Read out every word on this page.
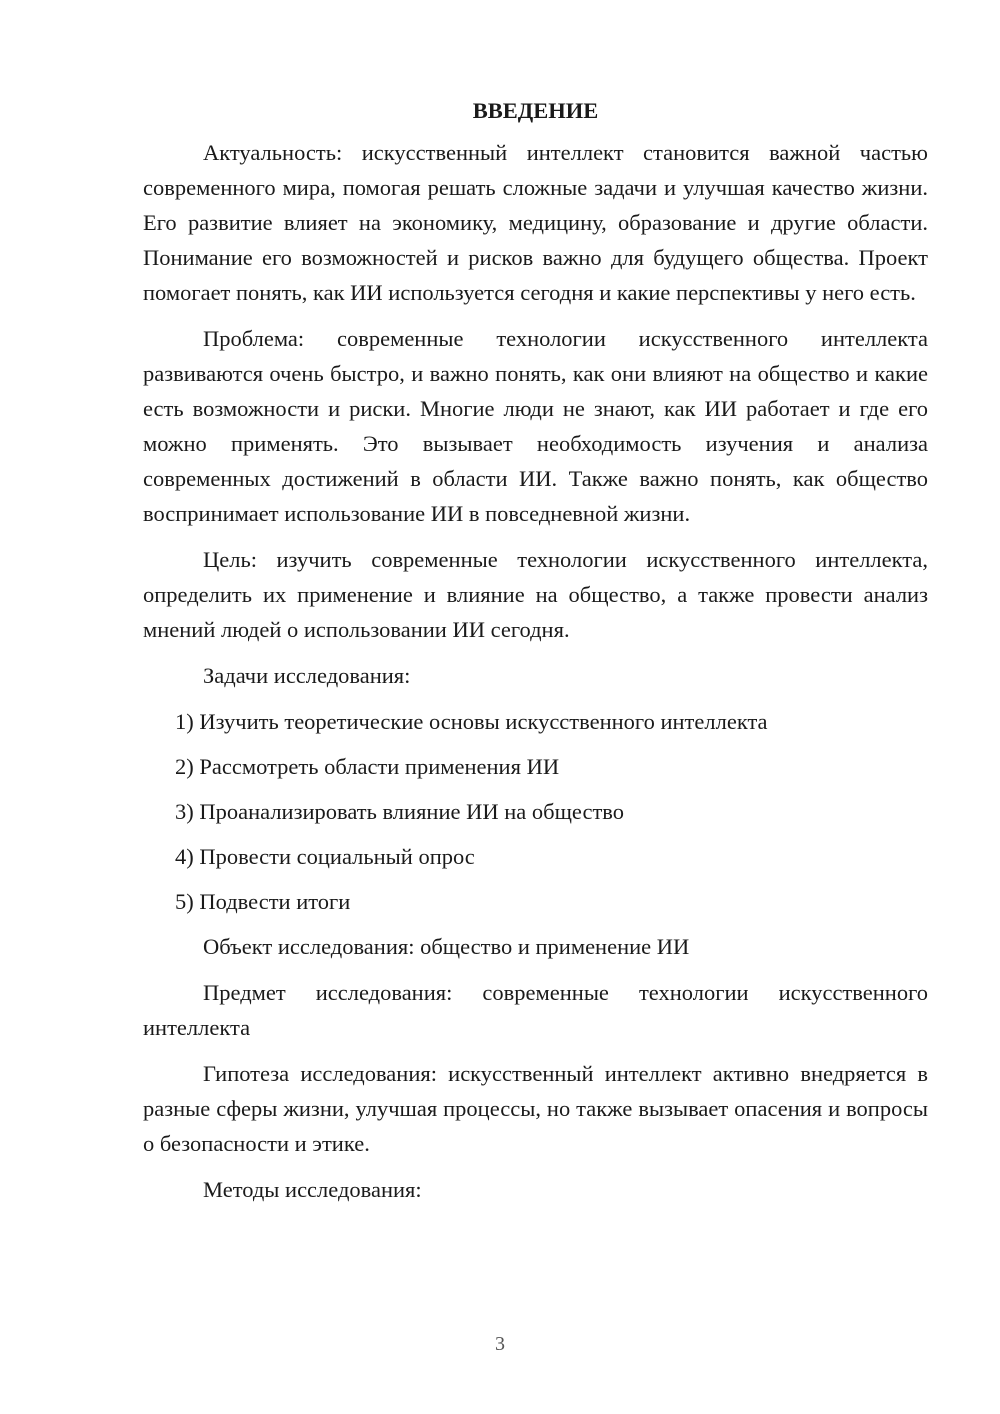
ВВЕДЕНИЕ

Актуальность: искусственный интеллект становится важной частью современного мира, помогая решать сложные задачи и улучшая качество жизни. Его развитие влияет на экономику, медицину, образование и другие области. Понимание его возможностей и рисков важно для будущего общества. Проект помогает понять, как ИИ используется сегодня и какие перспективы у него есть.

Проблема: современные технологии искусственного интеллекта развиваются очень быстро, и важно понять, как они влияют на общество и какие есть возможности и риски. Многие люди не знают, как ИИ работает и где его можно применять. Это вызывает необходимость изучения и анализа современных достижений в области ИИ. Также важно понять, как общество воспринимает использование ИИ в повседневной жизни.

Цель: изучить современные технологии искусственного интеллекта, определить их применение и влияние на общество, а также провести анализ мнений людей о использовании ИИ сегодня.

Задачи исследования:

1) Изучить теоретические основы искусственного интеллекта

2) Рассмотреть области применения ИИ

3) Проанализировать влияние ИИ на общество

4) Провести социальный опрос

5) Подвести итоги

Объект исследования: общество и применение ИИ

Предмет исследования: современные технологии искусственного интеллекта

Гипотеза исследования: искусственный интеллект активно внедряется в разные сферы жизни, улучшая процессы, но также вызывает опасения и вопросы о безопасности и этике.

Методы исследования:

3
